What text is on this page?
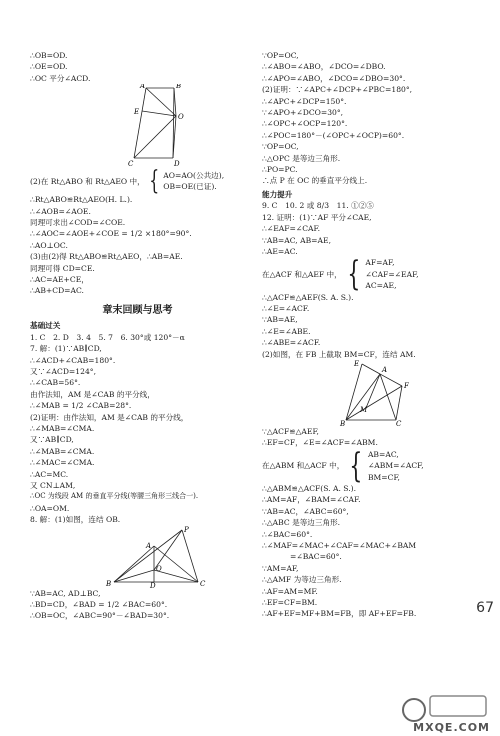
∴OB=OD.
∴OE=OD.
∴OC 平分∠ACD.
A	B
E
O
C	D
(2)在 Rt△ABO 和 Rt△AEO 中， { AO=AO(公共边),
OB=OE(已证).
∴Rt△ABO≌Rt△AEO(H. L.).
∴∠AOB=∠AOE.
同理可求出∠COD=∠COE.
∴∠AOC=∠AOE+∠COE = 1/2 ×180°=90°.
∴AO⊥OC.
(3)由(2)得 Rt△ABO≌Rt△AEO，∴AB=AE.
同理可得 CD=CE.
∴AC=AE+CE，
∴AB+CD=AC.
章末回顾与思考
基础过关
1. C　2. D　3. 4　5. 7　6. 30°或 120°－α
7. 解：(1)∵AB∥CD,
∴∠ACD+∠CAB=180°.
又∵∠ACD=124°,
∴∠CAB=56°.
由作法知，AM 是∠CAB 的平分线，
∴∠MAB = 1/2 ∠CAB=28°.
(2)证明：由作法知，AM 是∠CAB 的平分线，
∴∠MAB=∠CMA.
又∵AB∥CD,
∴∠MAB=∠CMA.
∴∠MAC=∠CMA.
∴AC=MC.
又 CN⊥AM,
∴OC 为线段 AM 的垂直平分线(等腰三角形三线合一).
∴OA=OM.
8. 解：(1)如图，连结 OB.
P
A
O
B	D	C
∵AB=AC, AD⊥BC,
∴BD=CD，∠BAD = 1/2 ∠BAC=60°.
∴OB=OC，∠ABC=90°－∠BAD=30°.
∵OP=OC,
∴∠ABO=∠ABO，∠DCO=∠DBO.
∴∠APO=∠ABO，∠DCO=∠DBO=30°.
(2)证明：∵∠APC+∠DCP+∠PBC=180°,
∴∠APC+∠DCP=150°.
∵∠APO+∠DCO=30°,
∴∠OPC+∠OCP=120°.
∴∠POC=180°－(∠OPC+∠OCP)=60°.
∵OP=OC,
∴△OPC 是等边三角形.
∴PO=PC.
∴点 P 在 OC 的垂直平分线上.
能力提升
9. C　10. 2 或 8/3　11. ①②⑤
12. 证明：(1)∵AF 平分∠CAE,
∴∠EAF=∠CAF.
∵AB=AC, AB=AE,
∴AE=AC.
在△ACF 和△AEF 中， { AF=AF,
∠CAF=∠EAF,
AC=AE,
∴△ACF≌△AEF(S. A. S.).
∴∠E=∠ACF.
∵AB=AE,
∴∠E=∠ABE.
∴∠ABE=∠ACF.
(2)如图，在 FB 上截取 BM=CF，连结 AM.
E
A
F
M
B	C
∵△ACF≌△AEF,
∴EF=CF，∠E=∠ACF=∠ABM.
在△ABM 和△ACF 中， { AB=AC,
∠ABM=∠ACF,
BM=CF,
∴△ABM≌△ACF(S. A. S.).
∴AM=AF，∠BAM=∠CAF.
∵AB=AC，∠ABC=60°,
∴△ABC 是等边三角形.
∴∠BAC=60°.
∴∠MAF=∠MAC+∠CAF=∠MAC+∠BAM
=∠BAC=60°.
∵AM=AF,
∴△AMF 为等边三角形.
∴AF=AM=MF.
∴EF=CF=BM.
∴AF+EF=MF+BM=FB，即 AF+EF=FB.	67
MXQE.COM
